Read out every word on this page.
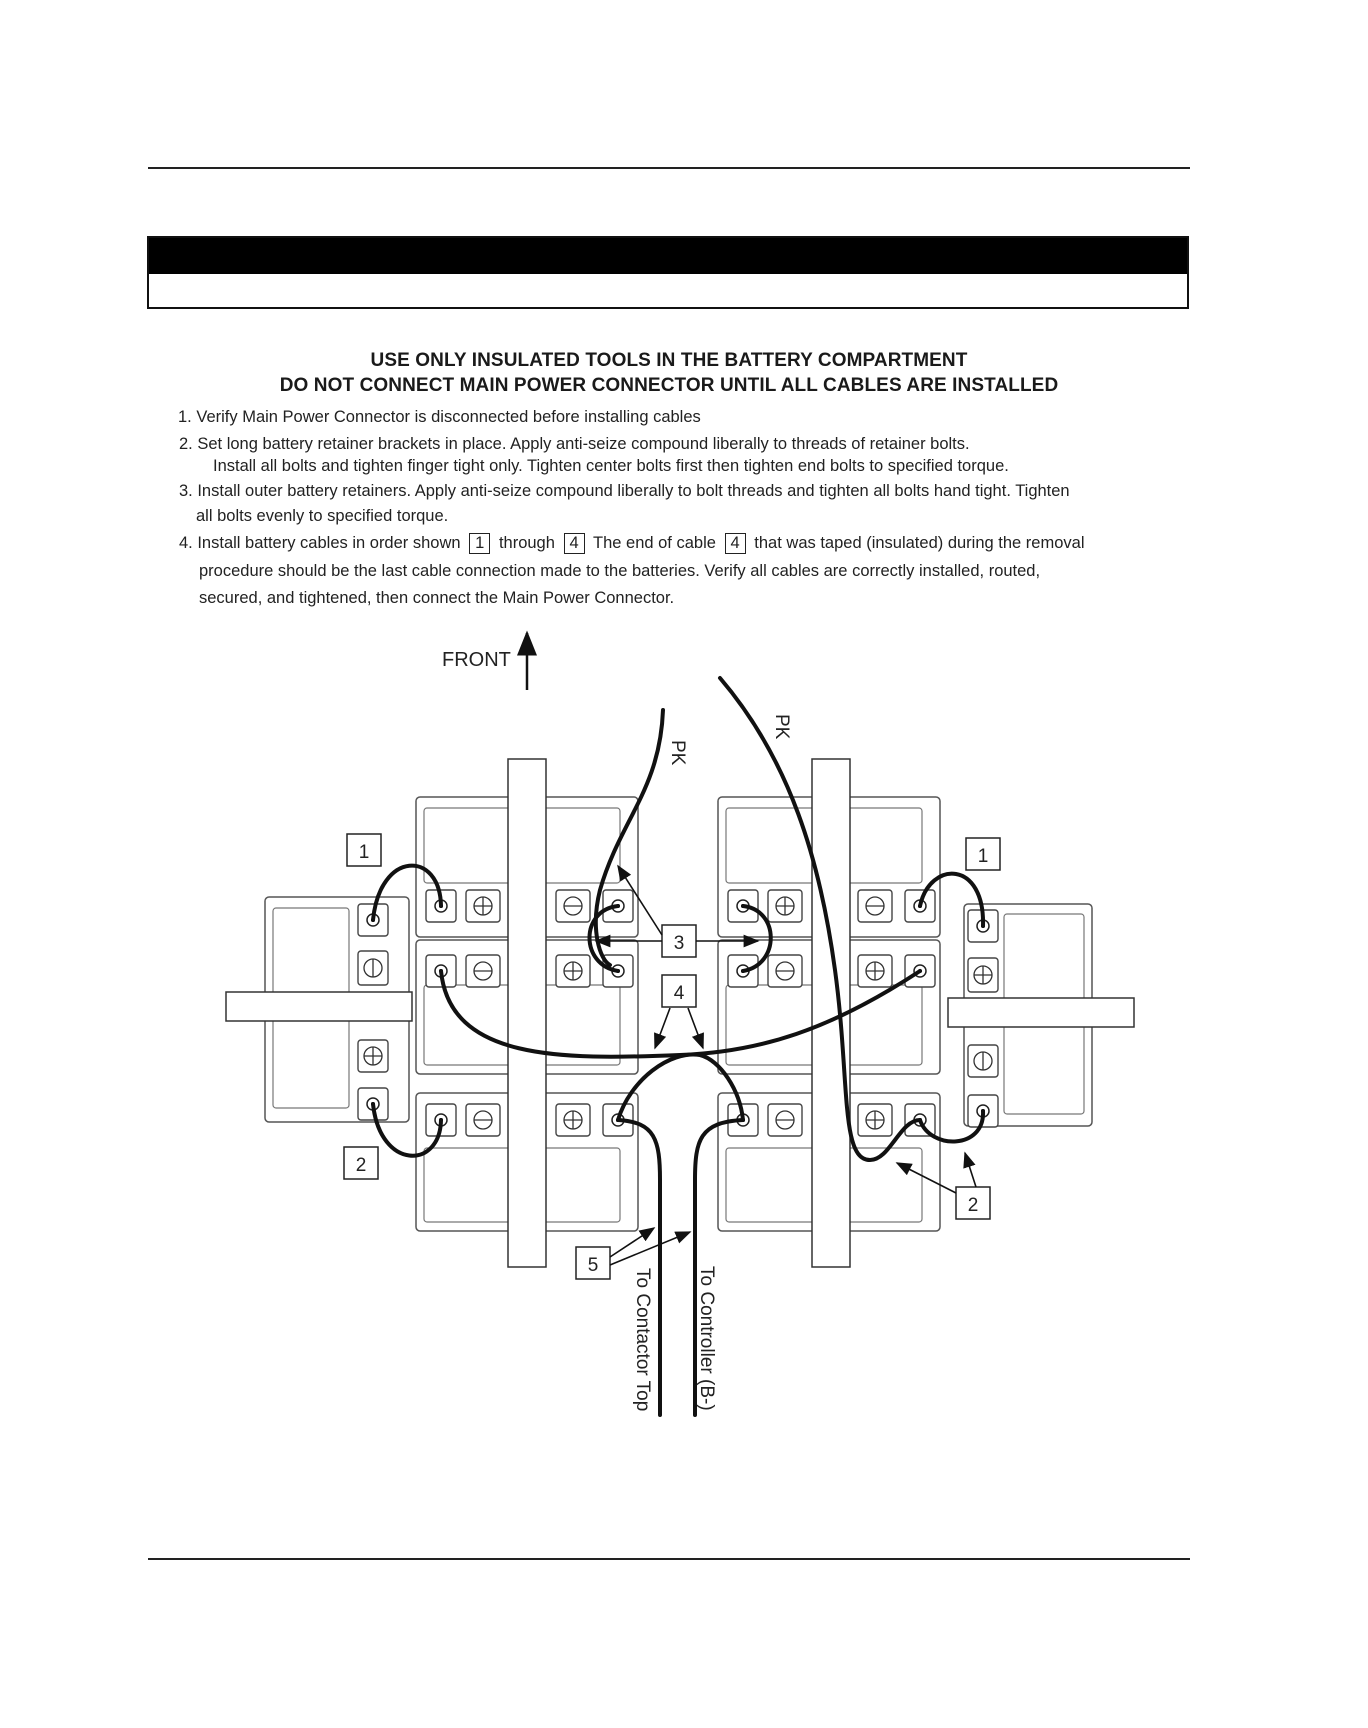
USE ONLY INSULATED TOOLS IN THE BATTERY COMPARTMENT
DO NOT CONNECT MAIN POWER CONNECTOR UNTIL ALL CABLES ARE INSTALLED
1. Verify Main Power Connector is disconnected before installing cables
2. Set long battery retainer brackets in place. Apply anti-seize compound liberally to threads of retainer bolts.
Install all bolts and tighten finger tight only. Tighten center bolts first then tighten end bolts to specified torque.
3. Install outer battery retainers. Apply anti-seize compound liberally to bolt threads and tighten all bolts hand tight. Tighten
all bolts evenly to specified torque.
4. Install battery cables in order shown 1 through 4 The end of cable 4 that was taped (insulated) during the removal
procedure should be the last cable connection made to the batteries. Verify all cables are correctly installed, routed,
secured, and tightened, then connect the Main Power Connector.
FRONT
1	1
2
2
3
4
5
PK
PK
To Contactor Top To Controller (B-)
